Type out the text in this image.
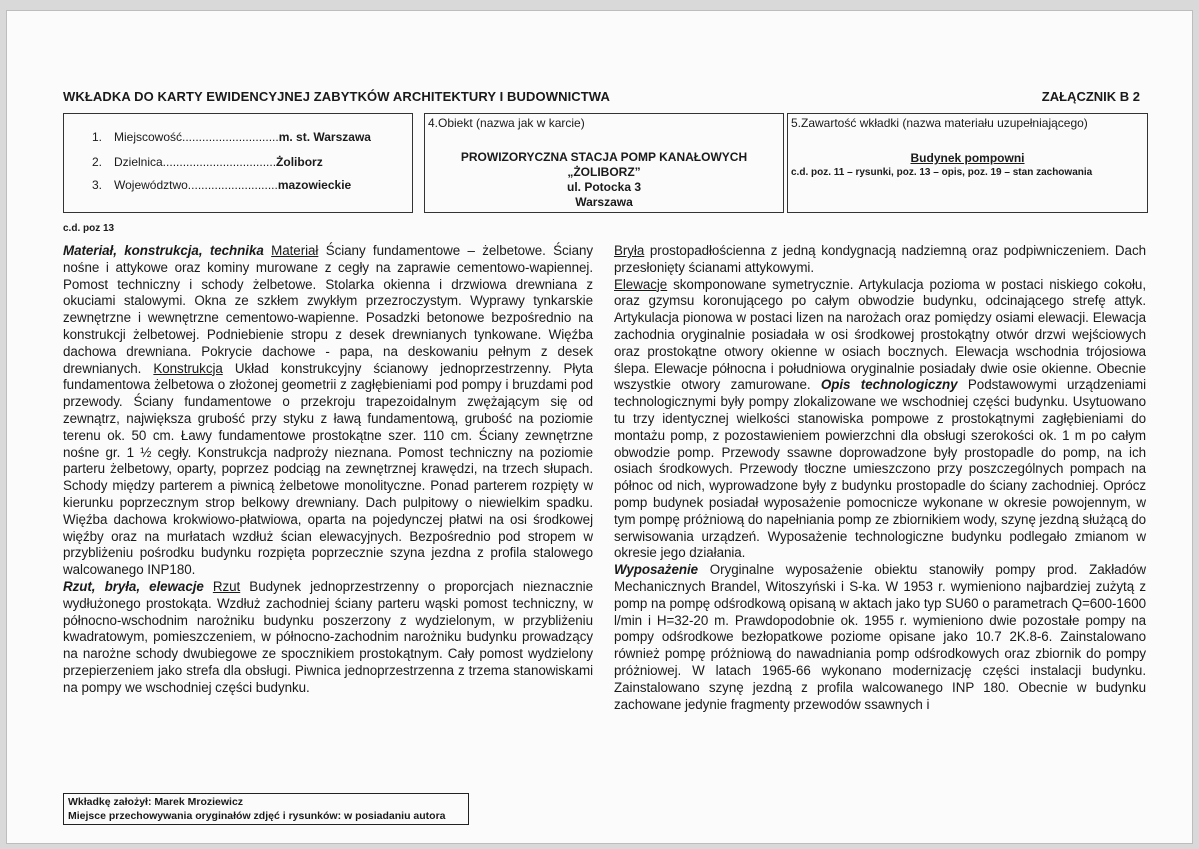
WKŁADKA DO KARTY EWIDENCYJNEJ ZABYTKÓW ARCHITEKTURY I BUDOWNICTWA	ZAŁĄCZNIK B 2
1. Miejscowość.............................m. st. Warszawa
2. Dzielnica..................................Żoliborz
3. Województwo...........................mazowieckie
4.Obiekt (nazwa jak w karcie)
PROWIZORYCZNA STACJA POMP KANAŁOWYCH
„ŻOLIBORZ”
ul. Potocka 3
Warszawa
5.Zawartość wkładki (nazwa materiału uzupełniającego)
Budynek pompowni
c.d. poz. 11 – rysunki, poz. 13 – opis, poz. 19 – stan zachowania
c.d. poz 13

Materiał, konstrukcja, technika Materiał Ściany fundamentowe – żelbetowe. Ściany nośne i attykowe oraz kominy murowane z cegły na zaprawie cementowo-wapiennej. Pomost techniczny i schody żelbetowe. Stolarka okienna i drzwiowa drewniana z okuciami stalowymi. Okna ze szkłem zwykłym przezroczystym. Wyprawy tynkarskie zewnętrzne i wewnętrzne cementowo-wapienne. Posadzki betonowe bezpośrednio na konstrukcji żelbetowej. Podniebienie stropu z desek drewnianych tynkowane. Więźba dachowa drewniana. Pokrycie dachowe - papa, na deskowaniu pełnym z desek drewnianych. Konstrukcja Układ konstrukcyjny ścianowy jednoprzestrzenny. Płyta fundamentowa żelbetowa o złożonej geometrii z zagłębieniami pod pompy i bruzdami pod przewody. Ściany fundamentowe o przekroju trapezoidalnym zwężającym się od zewnątrz, największa grubość przy styku z ławą fundamentową, grubość na poziomie terenu ok. 50 cm. Ławy fundamentowe prostokątne szer. 110 cm. Ściany zewnętrzne nośne gr. 1 ½ cegły. Konstrukcja nadproży nieznana. Pomost techniczny na poziomie parteru żelbetowy, oparty, poprzez podciąg na zewnętrznej krawędzi, na trzech słupach. Schody między parterem a piwnicą żelbetowe monolityczne. Ponad parterem rozpięty w kierunku poprzecznym strop belkowy drewniany. Dach pulpitowy o niewielkim spadku. Więźba dachowa krokwiowo-płatwiowa, oparta na pojedynczej płatwi na osi środkowej więźby oraz na murłatach wzdłuż ścian elewacyjnych. Bezpośrednio pod stropem w przybliżeniu pośrodku budynku rozpięta poprzecznie szyna jezdna z profila stalowego walcowanego INP180.

Rzut, bryła, elewacje Rzut Budynek jednoprzestrzenny o proporcjach nieznacznie wydłużonego prostokąta. Wzdłuż zachodniej ściany parteru wąski pomost techniczny, w północno-wschodnim narożniku budynku poszerzony z wydzielonym, w przybliżeniu kwadratowym, pomieszczeniem, w północno-zachodnim narożniku budynku prowadzący na narożne schody dwubiegowe ze spocznikiem prostokątnym. Cały pomost wydzielony przepierzeniem jako strefa dla obsługi. Piwnica jednoprzestrzenna z trzema stanowiskami na pompy we wschodniej części budynku.

Bryła prostopadłościenna z jedną kondygnacją nadziemną oraz podpiwniczeniem. Dach przesłonięty ścianami attykowymi.

Elewacje skomponowane symetrycznie. Artykulacja pozioma w postaci niskiego cokołu, oraz gzymsu koronującego po całym obwodzie budynku, odcinającego strefę attyk. Artykulacja pionowa w postaci lizen na narożach oraz pomiędzy osiami elewacji. Elewacja zachodnia oryginalnie posiadała w osi środkowej prostokątny otwór drzwi wejściowych oraz prostokątne otwory okienne w osiach bocznych. Elewacja wschodnia trójosiowa ślepa. Elewacje północna i południowa oryginalnie posiadały dwie osie okienne. Obecnie wszystkie otwory zamurowane. Opis technologiczny Podstawowymi urządzeniami technologicznymi były pompy zlokalizowane we wschodniej części budynku. Usytuowano tu trzy identycznej wielkości stanowiska pompowe z prostokątnymi zagłębieniami do montażu pomp, z pozostawieniem powierzchni dla obsługi szerokości ok. 1 m po całym obwodzie pomp. Przewody ssawne doprowadzone były prostopadle do pomp, na ich osiach środkowych. Przewody tłoczne umieszczono przy poszczególnych pompach na północ od nich, wyprowadzone były z budynku prostopadle do ściany zachodniej. Oprócz pomp budynek posiadał wyposażenie pomocnicze wykonane w okresie powojennym, w tym pompę próżniową do napełniania pomp ze zbiornikiem wody, szynę jezdną służącą do serwisowania urządzeń. Wyposażenie technologiczne budynku podlegało zmianom w okresie jego działania.

Wyposażenie Oryginalne wyposażenie obiektu stanowiły pompy prod. Zakładów Mechanicznych Brandel, Witoszyński i S-ka. W 1953 r. wymieniono najbardziej zużytą z pomp na pompę odśrodkową opisaną w aktach jako typ SU60 o parametrach Q=600-1600 l/min i H=32-20 m. Prawdopodobnie ok. 1955 r. wymieniono dwie pozostałe pompy na pompy odśrodkowe bezłopatkowe poziome opisane jako 10.7 2K.8-6. Zainstalowano również pompę próżniową do nawadniania pomp odśrodkowych oraz zbiornik do pompy próżniowej. W latach 1965-66 wykonano modernizację części instalacji budynku. Zainstalowano szynę jezdną z profila walcowanego INP 180. Obecnie w budynku zachowane jedynie fragmenty przewodów ssawnych i

Wkładkę założył: Marek Mroziewicz
Miejsce przechowywania oryginałów zdjęć i rysunków: w posiadaniu autora
